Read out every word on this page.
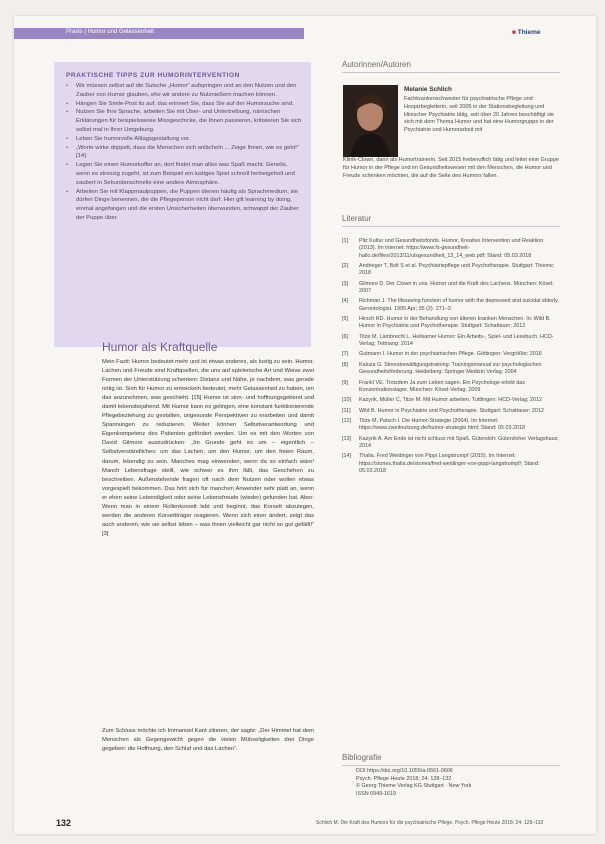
Praxis | Humor und Gelassenheit	■ Thieme
PRAKTISCHE TIPPS ZUR HUMORINTERVENTION
• Wir müssen selbst auf die Sutsche „Humor“ aufspringen und an den Nutzen und den Zauber von Humor glauben, ehe wir andere zu Nutznießern machen können.
• Hängen Sie Smile-Post its auf, das erinnert Sie, dass Sie auf der Humorsuche sind.
• Nutzen Sie Ihre Sprache, arbeiten Sie mit Über- und Untertreibung, närrischen Erklärungen für beispielsweise Missgeschicke, die Ihnen passieren, kritisieren Sie sich selbst mal in Ihrer Umgebung.
• Leben Sie humorvolle Alltagsgestaltung vor.
• „Worte wirke doppelt, dass die Menschen sich anlächeln ... Zeige Ihnen, wie es geht!“ [14]
• Legen Sie einen Humorkoffer an, dort findet man alles was Spaß macht. Genelis, wenn es stressig zugeht, ist zum Beispiel ein lustiges Spiel schnell herbeigeholt und zaubert in Sekundenschnelle eine andere Atmosphäre.
• Arbeiten Sie mit Klappmaulpuppen, die Puppen dienen häufig als Sprachmedium, sie dürfen Dinge benennen, die die Pflegeperson nicht darf. Hier gilt learning by doing, einmal angefangen und die ersten Unsicherheiten überwunden, schwappt der Zauber der Puppe über.
Humor als Kraftquelle

Mein Fazit: Humor bedeutet mehr und ist etwas anderes, als lustig zu sein. Humor, Lachen und Freude sind Kraftquellen, die uns auf spielerische Art und Weise zwei Formen der Unterstützung schenken: Distanz und Nähe, je nachdem, was gerade nötig ist. Sinn für Humor zu entwickeln bedeutet, mehr Gelassenheit zu haben, um das anzunehmen, was geschieht. [15] Humor ist sinn- und hoffnungsgebend und damit lebensbejahend. Mit Humor kann es gelingen, eine konstant funktionierende Pflegebeziehung zu gestalten, ungesunde Perspektiven zu erarbeiten und damit Spannungen zu reduzieren. Weiter können Selbstverantwortung und Eigenkompetenz des Patienten gefördert werden. Um es mit den Worten von David Gilmore auszudrücken: „Im Grunde geht es um – eigentlich – Selbstverständliches: um das Lachen, um den Humor, um den freien Raum, darum, lebendig zu sein. Manches mag einwenden, wenn da so einfach wäre! Manch Lebensfrage stellt, wie schwer es ihm fällt, das Geschehen zu beschreiben. Außenstehende fragen oft nach dem Nutzen oder wollen etwas vorgespielt bekommen. Das hört sich für manchen Anwender sehr platt an, wenn er ehen seine Lebendigkeit oder seine Lebensfreude (wieder) gefunden hat. Aber: Wenn man in einem Rollenkorsett lebt und beginnt, das Korsett abzulegen, werden die anderen Korsettträger reagieren. Wenn sich einer ändert, zeigt das auch anderen, wie sie selbst leben – was ihnen vielleicht gar nicht so gut gefällt!“ [3]

Zum Schluss möchte ich Immanuel Kant zitieren, der sagte: „Der Himmel hat dem Menschen als Gegengewicht gegen die vielen Mühseligkeiten drei Dinge gegeben: die Hoffnung, den Schlaf und das Lachen“.

Autorinnen/Autoren
Melanie Schlich

Fachkrankenschwester für psychiatrische Pflege und Hospizbegleiterin, seit 2005 in der Stationsbegleitung und klinischer Psychiatrie tätig, seit über 20 Jahren beschäftigt sie sich mit dem Thema Humor und hat eine Humorgruppe in der Psychiatrie und Humorarbeit mit

Klinik-Clown, dann als Humortrainerin. Seit 2015 freiberuflich tätig und leitet eine Gruppe für Humor in der Pflege und im Gesundheitswesen mit den Menschen, die Humor und Freude schenken möchten, die auf die Seite des Humors fallen.

Literatur
[1] Pilz Kultur und Gesundheitsfonds. Humor, Kreative Intervention und Reaktion (2013). Im Internet: https://www.fs-gesundheit-hallo.de/files/2013/11/ulsgesundheit_13_14_web.pdf; Stand: 05.03.2018
[2] Andrieger T, Bolt S et al. Psychiatriepflege und Psychotherapie. Stuttgart: Thieme; 2018
[3] Gilmore D. Der Clown in uns. Humor und die Kraft des Lachens. München: Kösel; 2007
[4] Richman J. The lifesaving function of humor with the depressed and suicidal elderly. Gerontologist. 1995 Apr; 35 (2): 271–3
[5] Hirsch RD. Humor in der Behandlung von älteren kranken Menschen. In: Wild B. Humor in Psychiatrie und Psychotherapie. Stuttgart: Schattauer; 2012
[6] Titze M, Lambrecht L. Heilsamer Humor: Ein Arbeits-, Spiel- und Lesebuch. HCD-Verlag; Tettnang: 2014
[7] Gutmann I. Humor in der psychiatrischen Pflege. Göttingen: Vergrößte; 2016
[8] Kaluza G. Stressbewältigungstraining: Trainingsmanual zur psychologischen Gesundheitsförderung. Heidelberg: Springer Medizin Verlag; 2004
[9] Frankl VE. Trotzdem Ja zum Leben sagen. Ein Psychologe erlebt das Konzentrationslager. München: Kösel-Verlag; 2009
[10] Kazyrik, Müller C, Titze M. Mit Humor arbeiten. Tuttlingen: HCD-Verlag; 2012
[11] Wild B. Humor in Psychiatrie und Psychotherapie. Stuttgart: Schattauer; 2012
[12] Titze M, Patsch I. Die Humor-Strategie (2004). Im Internet: https://www.zweitnutzung.de/humor-strategie.html; Stand: 05.03.2018
[13] Kazyrik A. Am Ende ist nicht schluss mit Spaß. Gütersloh: Gütersloher Verlagshaus; 2014
[14] Thalia. Fred Weidinger von Pippi Langstrumpf (2015). Im Internet: https://stories.thalia.de/stories/fred-weidinger-von-pippi-langstrumpf/; Stand: 05.03.2018
Bibliografie

DOI https://doi.org/10.1055/a-0561-0606
Psych. Pflege Heute 2018; 24: 128–132
© Georg Thieme Verlag KG Stuttgart · New York
ISSN 0949-1619

132	Schlich M. Die Kraft des Humors für die psychiatrische Pflege. Psych. Pflege Heute 2018; 24: 128–132
